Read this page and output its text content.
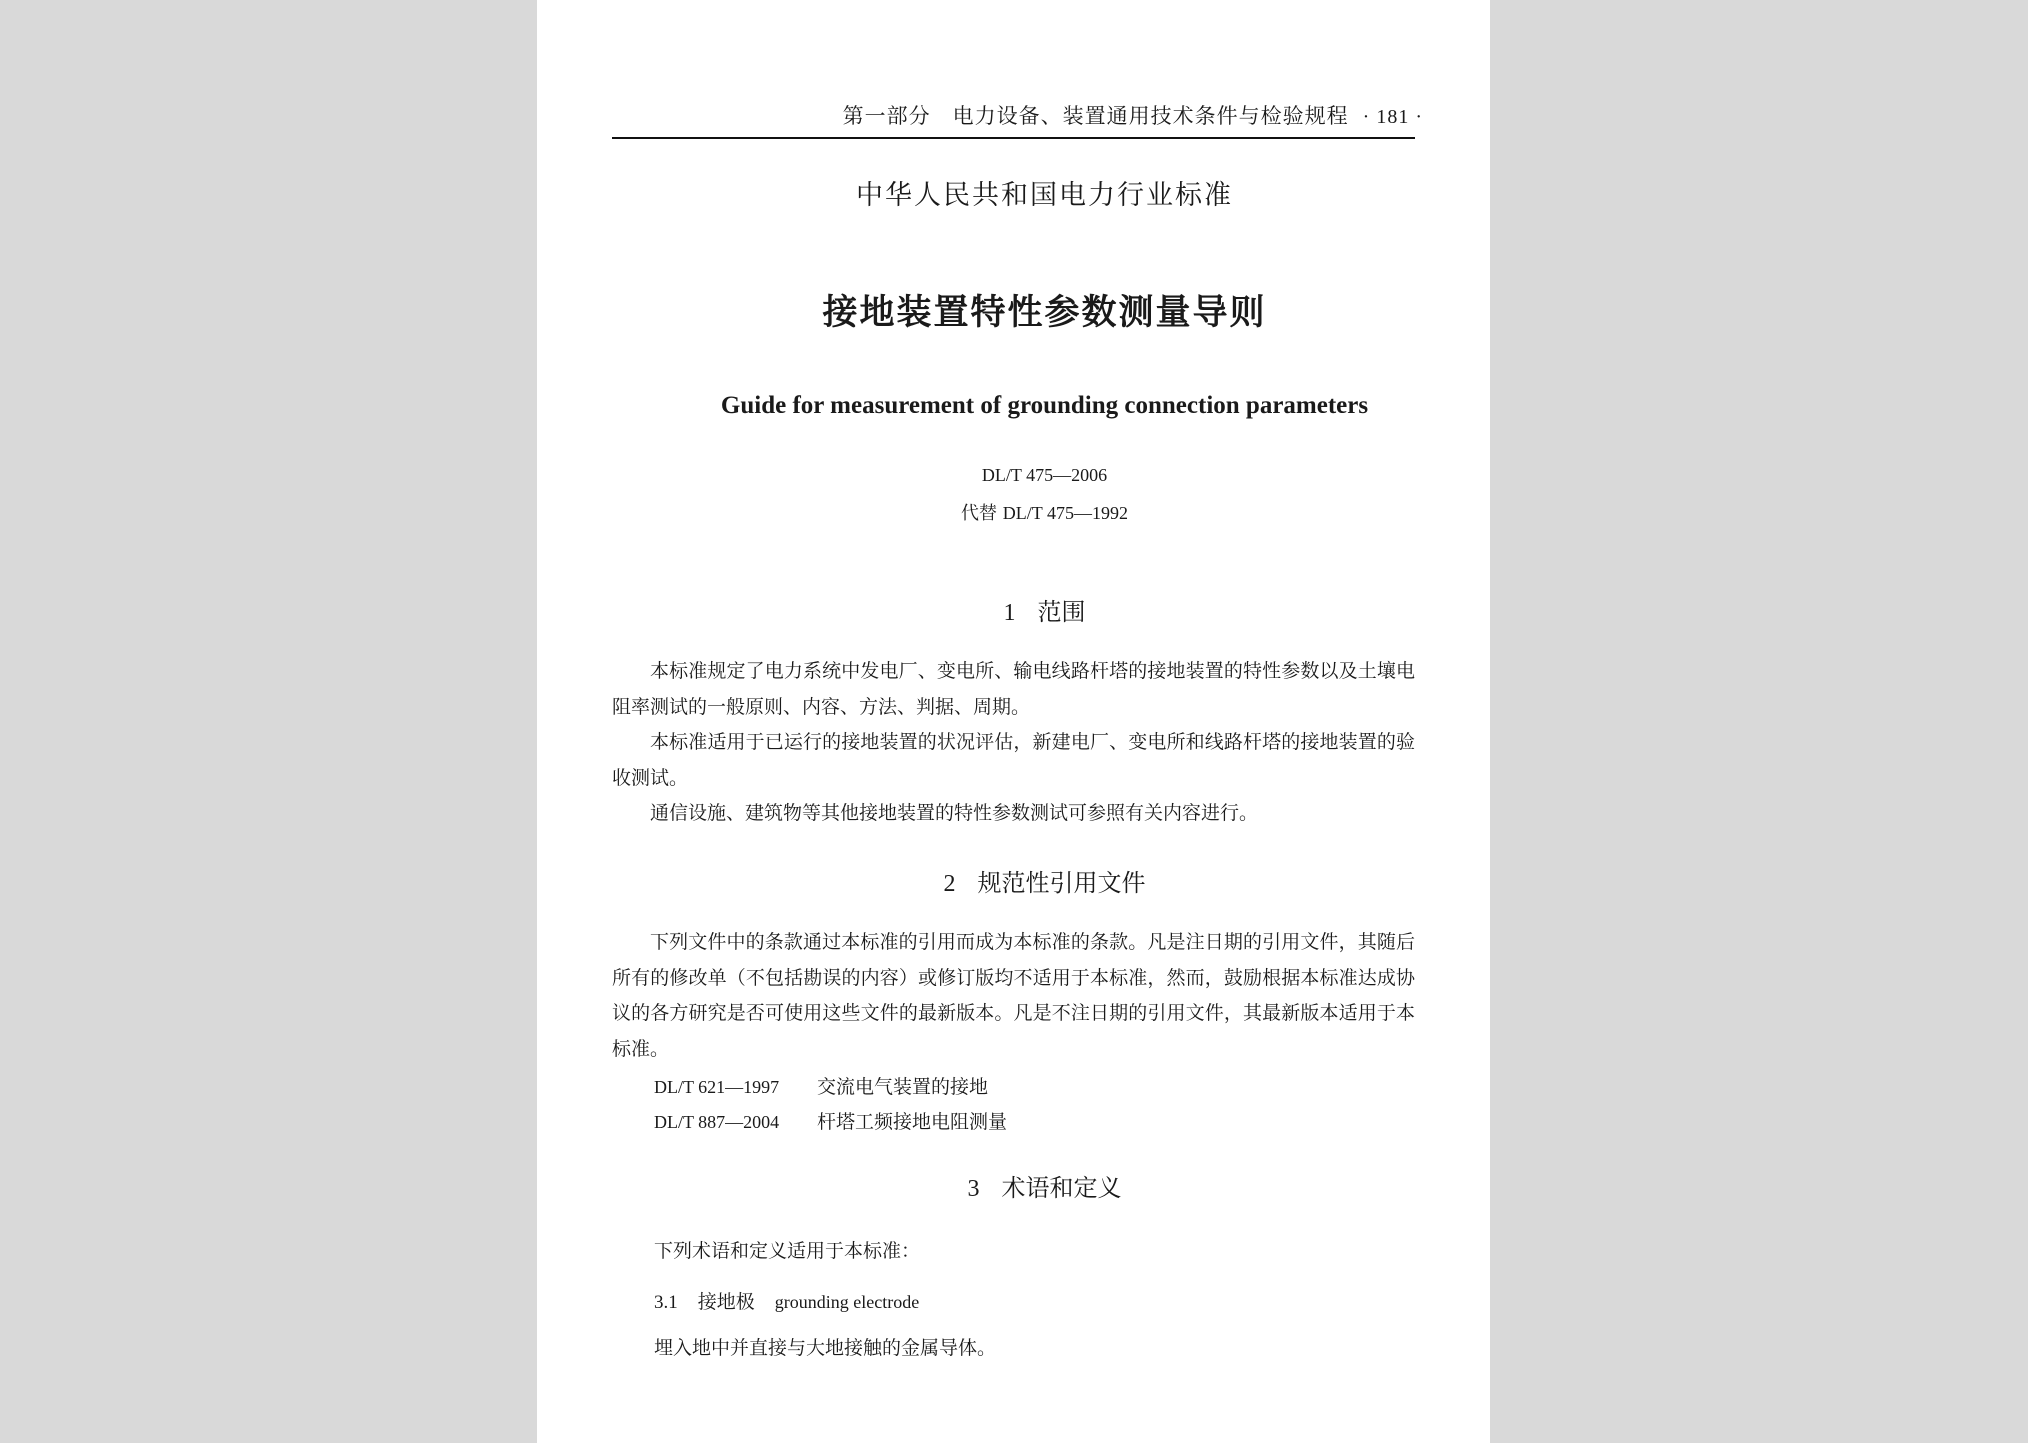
第一部分　电力设备、装置通用技术条件与检验规程 · 181 ·
中华人民共和国电力行业标准
接地装置特性参数测量导则
Guide for measurement of grounding connection parameters
DL/T 475—2006
代替 DL/T 475—1992
1 范围

本标准规定了电力系统中发电厂、变电所、输电线路杆塔的接地装置的特性参数以及土壤电阻率测试的一般原则、内容、方法、判据、周期。

本标准适用于已运行的接地装置的状况评估，新建电厂、变电所和线路杆塔的接地装置的验收测试。

通信设施、建筑物等其他接地装置的特性参数测试可参照有关内容进行。

2 规范性引用文件

下列文件中的条款通过本标准的引用而成为本标准的条款。凡是注日期的引用文件，其随后所有的修改单（不包括勘误的内容）或修订版均不适用于本标准，然而，鼓励根据本标准达成协议的各方研究是否可使用这些文件的最新版本。凡是不注日期的引用文件，其最新版本适用于本标准。

DL/T 621—1997 交流电气装置的接地
DL/T 887—2004 杆塔工频接地电阻测量
3 术语和定义
下列术语和定义适用于本标准：
3.1 接地极 grounding electrode
埋入地中并直接与大地接触的金属导体。
